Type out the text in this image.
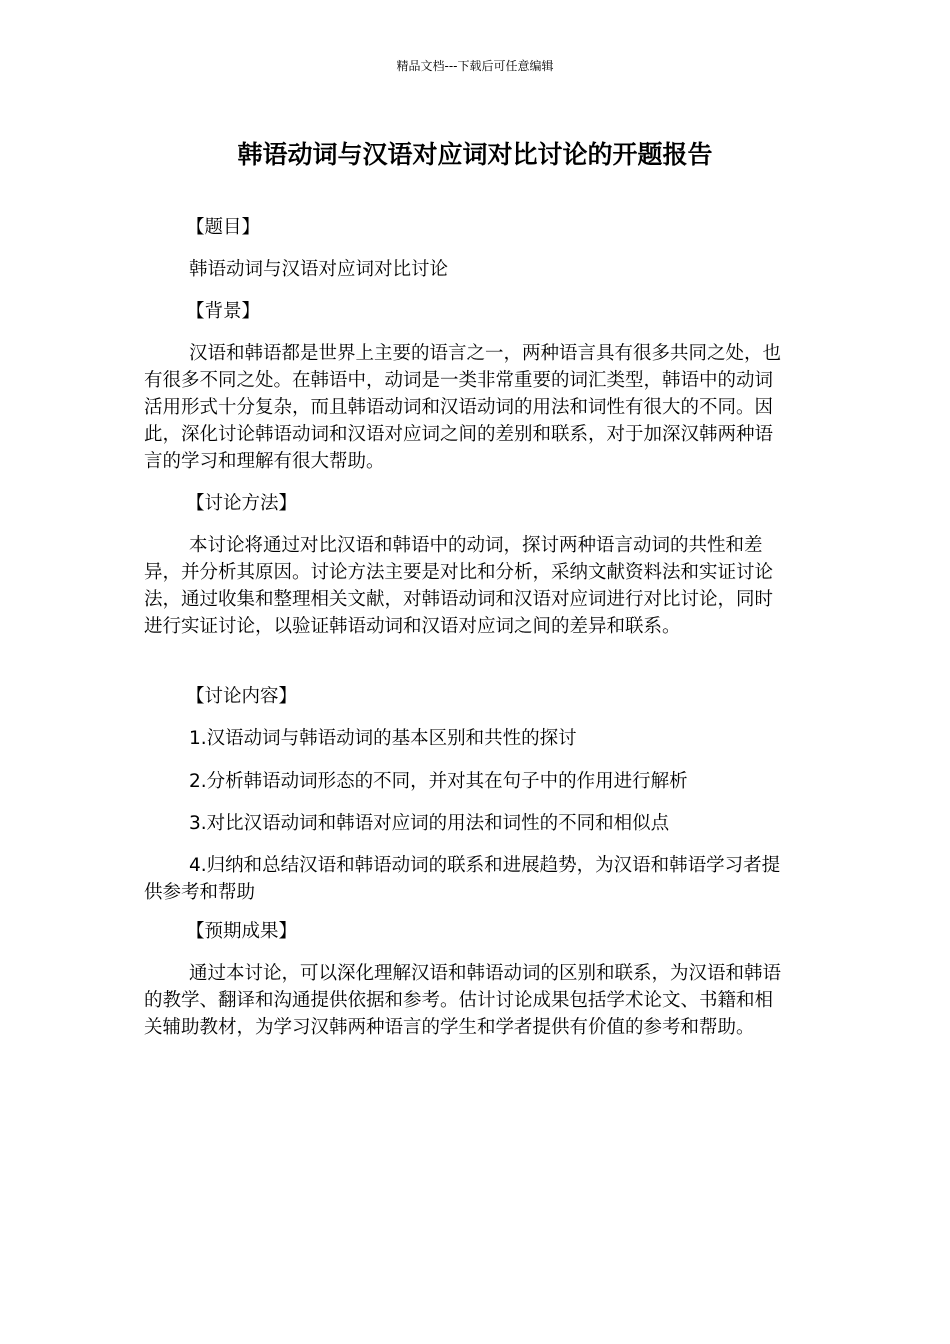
精品文档---下载后可任意编辑
韩语动词与汉语对应词对比讨论的开题报告

【题目】

韩语动词与汉语对应词对比讨论

【背景】

汉语和韩语都是世界上主要的语言之一，两种语言具有很多共同之处，也有很多不同之处。在韩语中，动词是一类非常重要的词汇类型，韩语中的动词活用形式十分复杂，而且韩语动词和汉语动词的用法和词性有很大的不同。因此，深化讨论韩语动词和汉语对应词之间的差别和联系，对于加深汉韩两种语言的学习和理解有很大帮助。

【讨论方法】

本讨论将通过对比汉语和韩语中的动词，探讨两种语言动词的共性和差异，并分析其原因。讨论方法主要是对比和分析，采纳文献资料法和实证讨论法，通过收集和整理相关文献，对韩语动词和汉语对应词进行对比讨论，同时进行实证讨论，以验证韩语动词和汉语对应词之间的差异和联系。

【讨论内容】

1.汉语动词与韩语动词的基本区别和共性的探讨

2.分析韩语动词形态的不同，并对其在句子中的作用进行解析

3.对比汉语动词和韩语对应词的用法和词性的不同和相似点

4.归纳和总结汉语和韩语动词的联系和进展趋势，为汉语和韩语学习者提供参考和帮助

【预期成果】

通过本讨论，可以深化理解汉语和韩语动词的区别和联系，为汉语和韩语的教学、翻译和沟通提供依据和参考。估计讨论成果包括学术论文、书籍和相关辅助教材，为学习汉韩两种语言的学生和学者提供有价值的参考和帮助。
